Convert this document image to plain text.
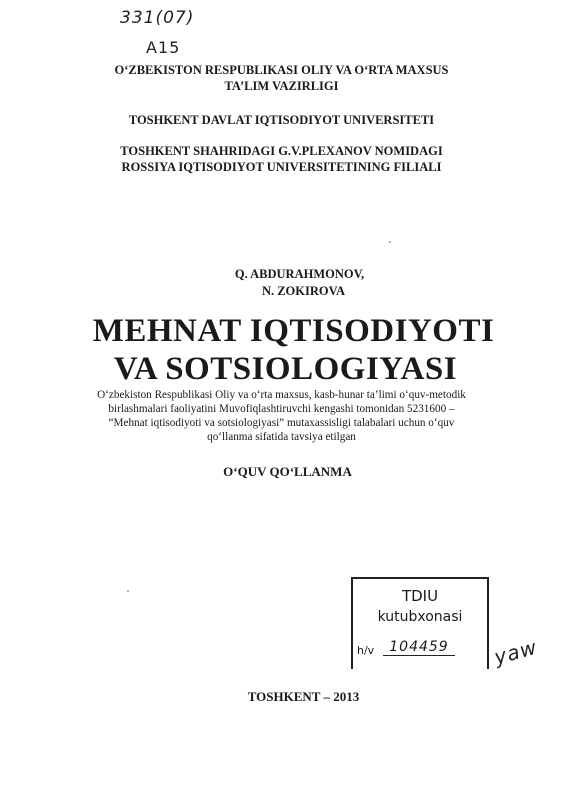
331(07)
A15
O‘ZBEKISTON RESPUBLIKASI OLIY VA O‘RTA MAXSUS
TA’LIM VAZIRLIGI
TOSHKENT DAVLAT IQTISODIYOT UNIVERSITETI
TOSHKENT SHAHRIDAGI G.V.PLEXANOV NOMIDAGI
ROSSIYA IQTISODIYOT UNIVERSITETINING FILIALI
Q. ABDURAHMONOV,
N. ZOKIROVA
MEHNAT IQTISODIYOTI
VA SOTSIOLOGIYASI
O‘zbekiston Respublikasi Oliy va o‘rta maxsus, kasb-hunar ta’limi o‘quv-metodik
birlashmalari faoliyatini Muvofiqlashtiruvchi kengashi tomonidan 5231600 –
“Mehnat iqtisodiyoti va sotsiologiyasi” mutaxassisligi talabalari uchun o‘quv
qo‘llanma sifatida tavsiya etilgan
O‘QUV QO‘LLANMA
TDIU
kutubxonasi
h/v	104459	yaw
TOSHKENT – 2013
